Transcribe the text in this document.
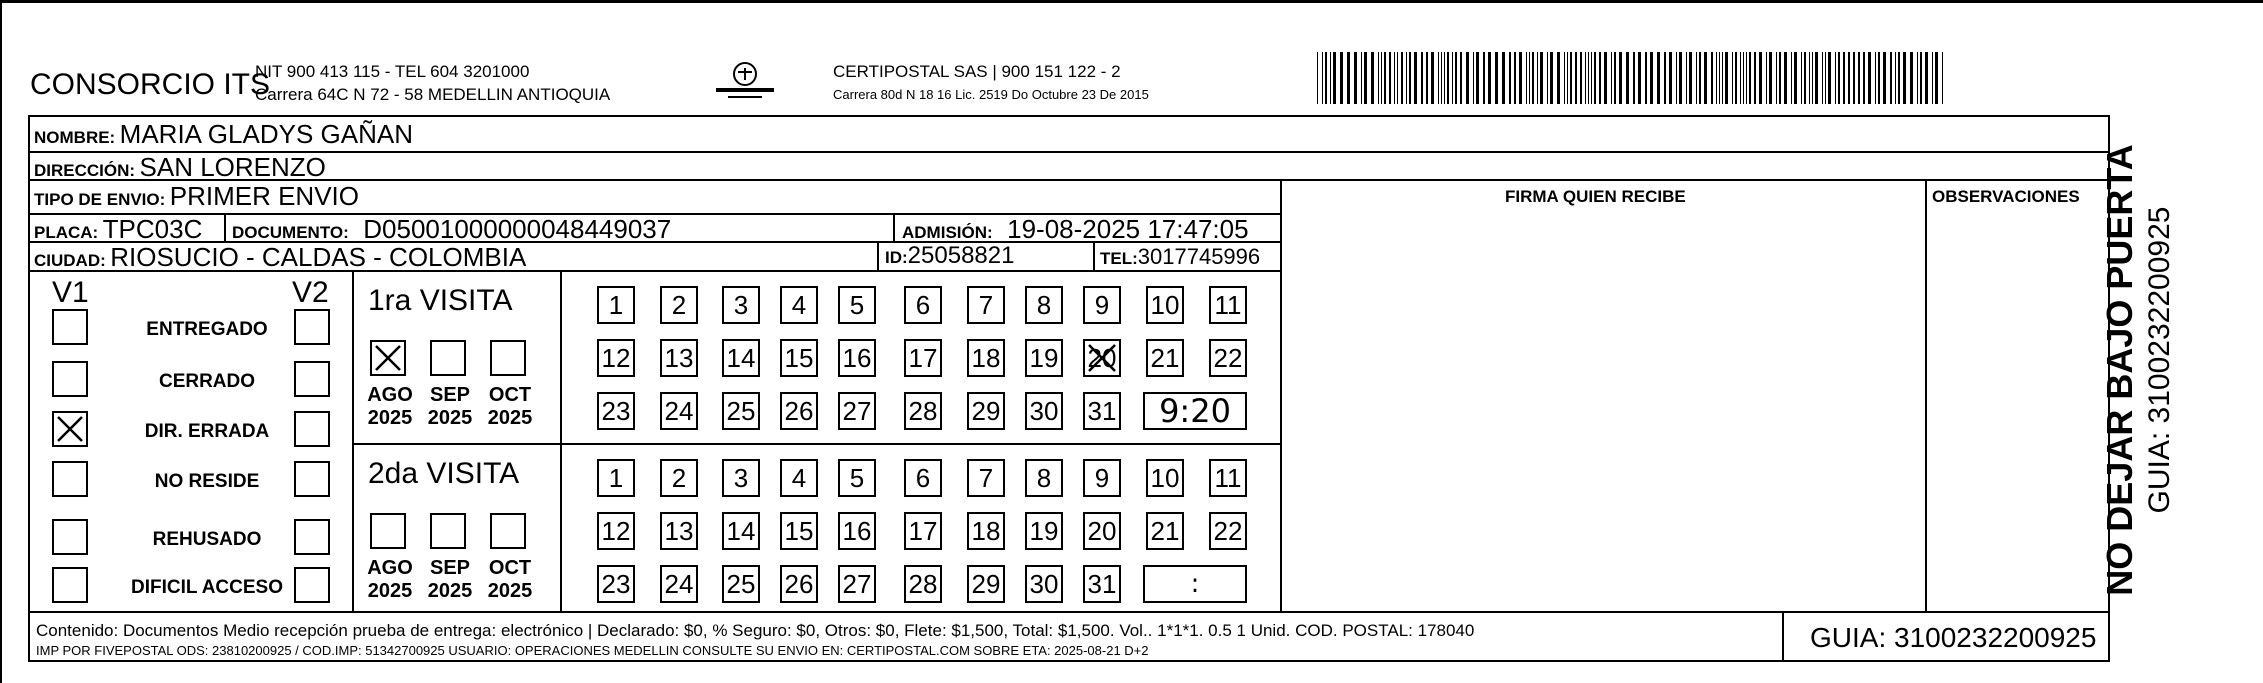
CONSORCIO ITS
NIT 900 413 115 - TEL 604 3201000
Carrera 64C N 72 - 58 MEDELLIN ANTIOQUIA
CERTIPOSTAL SAS | 900 151 122 - 2
Carrera 80d N 18 16 Lic. 2519 Do Octubre 23 De 2015
NOMBRE: MARIA GLADYS GAÑAN
DIRECCIÓN: SAN LORENZO
TIPO DE ENVIO: PRIMER ENVIO	FIRMA QUIEN RECIBE	OBSERVACIONES
PLACA: TPC03C DOCUMENTO: D05001000000048449037	ADMISIÓN: 19-08-2025 17:47:05
CIUDAD: RIOSUCIO - CALDAS - COLOMBIA	ID:25058821	TEL:3017745996
V1	V2
ENTREGADO
CERRADO
DIR. ERRADA
NO RESIDE
REHUSADO
DIFICIL ACCESO
1ra VISITA
AGO
2025
SEP
2025
OCT
2025
1	2	3	4	5	6	7	8	9	10 11
12 13 14 15 16 17 18 19 20 21 22
23 24 25 26 27 28 29 30 31	9:20
2da VISITA
AGO
2025
SEP
2025
OCT
2025
1	2	3	4	5	6	7	8	9	10 11
12 13 14 15 16 17 18 19 20 21 22
23 24 25 26 27 28 29 30 31	:
Contenido: Documentos Medio recepción prueba de entrega: electrónico | Declarado: $0, % Seguro: $0, Otros: $0, Flete: $1,500, Total: $1,500. Vol.. 1*1*1. 0.5 1 Unid. COD. POSTAL: 178040
IMP POR FIVEPOSTAL ODS: 23810200925 / COD.IMP: 51342700925 USUARIO: OPERACIONES MEDELLIN CONSULTE SU ENVIO EN: CERTIPOSTAL.COM SOBRE ETA: 2025-08-21 D+2	GUIA: 3100232200925
NO DEJAR BAJO PUERTA GUIA: 3100232200925
